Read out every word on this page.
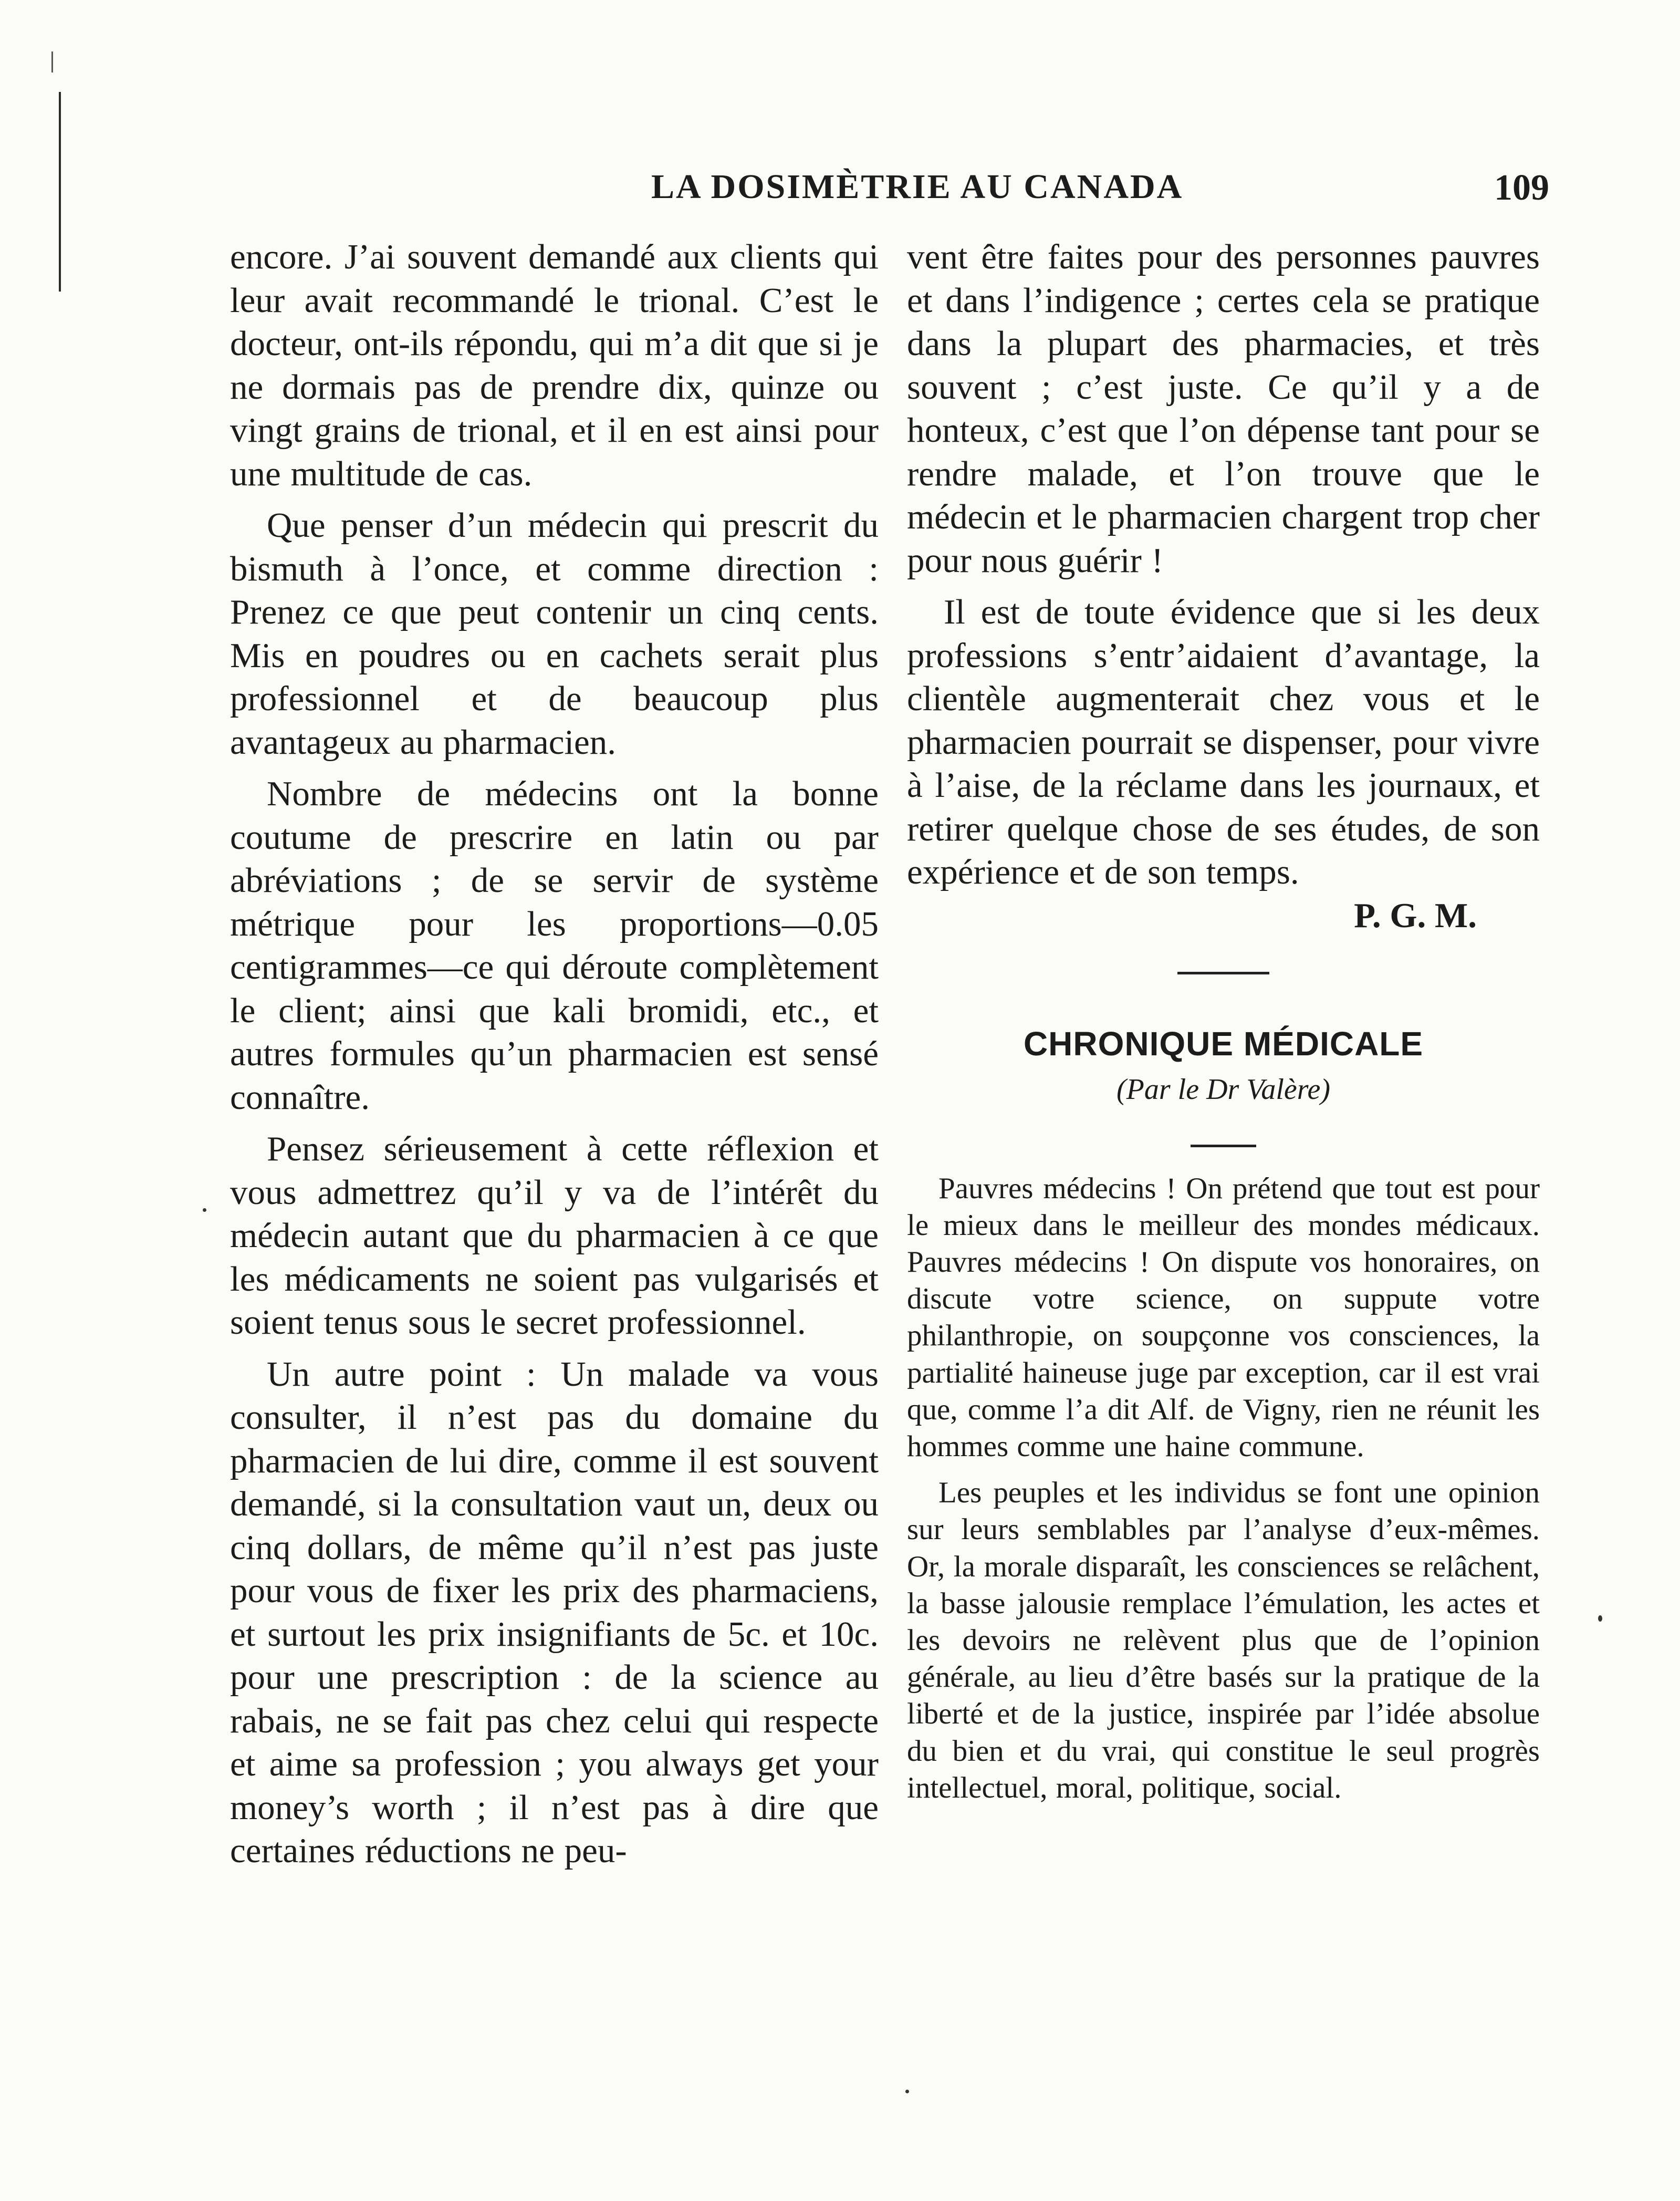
LA DOSIMÈTRIE AU CANADA	109

encore. J’ai souvent demandé aux clients qui leur avait recommandé le trional. C’est le docteur, ont-ils répondu, qui m’a dit que si je ne dormais pas de prendre dix, quinze ou vingt grains de trional, et il en est ainsi pour une multitude de cas.

Que penser d’un médecin qui prescrit du bismuth à l’once, et comme direction : Prenez ce que peut contenir un cinq cents. Mis en poudres ou en cachets serait plus professionnel et de beaucoup plus avantageux au pharmacien.

Nombre de médecins ont la bonne coutume de prescrire en latin ou par abréviations ; de se servir de système métrique pour les proportions—0.05 centigrammes—ce qui déroute complètement le client; ainsi que kali bromidi, etc., et autres formules qu’un pharmacien est sensé connaître.

Pensez sérieusement à cette réflexion et vous admettrez qu’il y va de l’intérêt du médecin autant que du pharmacien à ce que les médicaments ne soient pas vulgarisés et soient tenus sous le secret professionnel.

Un autre point : Un malade va vous consulter, il n’est pas du domaine du pharmacien de lui dire, comme il est souvent demandé, si la consultation vaut un, deux ou cinq dollars, de même qu’il n’est pas juste pour vous de fixer les prix des pharmaciens, et surtout les prix insignifiants de 5c. et 10c. pour une prescription : de la science au rabais, ne se fait pas chez celui qui respecte et aime sa profession ; you always get your money’s worth ; il n’est pas à dire que certaines réductions ne peu-

vent être faites pour des personnes pauvres et dans l’indigence ; certes cela se pratique dans la plupart des pharmacies, et très souvent ; c’est juste. Ce qu’il y a de honteux, c’est que l’on dépense tant pour se rendre malade, et l’on trouve que le médecin et le pharmacien chargent trop cher pour nous guérir !

Il est de toute évidence que si les deux professions s’entr’aidaient d’avantage, la clientèle augmenterait chez vous et le pharmacien pourrait se dispenser, pour vivre à l’aise, de la réclame dans les journaux, et retirer quelque chose de ses études, de son expérience et de son temps.

P. G. M.
CHRONIQUE MÉDICALE
(Par le Dr Valère)

Pauvres médecins ! On prétend que tout est pour le mieux dans le meilleur des mondes médicaux. Pauvres médecins ! On dispute vos honoraires, on discute votre science, on suppute votre philanthropie, on soupçonne vos consciences, la partialité haineuse juge par exception, car il est vrai que, comme l’a dit Alf. de Vigny, rien ne réunit les hommes comme une haine commune.

Les peuples et les individus se font une opinion sur leurs semblables par l’analyse d’eux-mêmes. Or, la morale disparaît, les consciences se relâchent, la basse jalousie remplace l’émulation, les actes et les devoirs ne relèvent plus que de l’opinion générale, au lieu d’être basés sur la pratique de la liberté et de la justice, inspirée par l’idée absolue du bien et du vrai, qui constitue le seul progrès intellectuel, moral, politique, social.
